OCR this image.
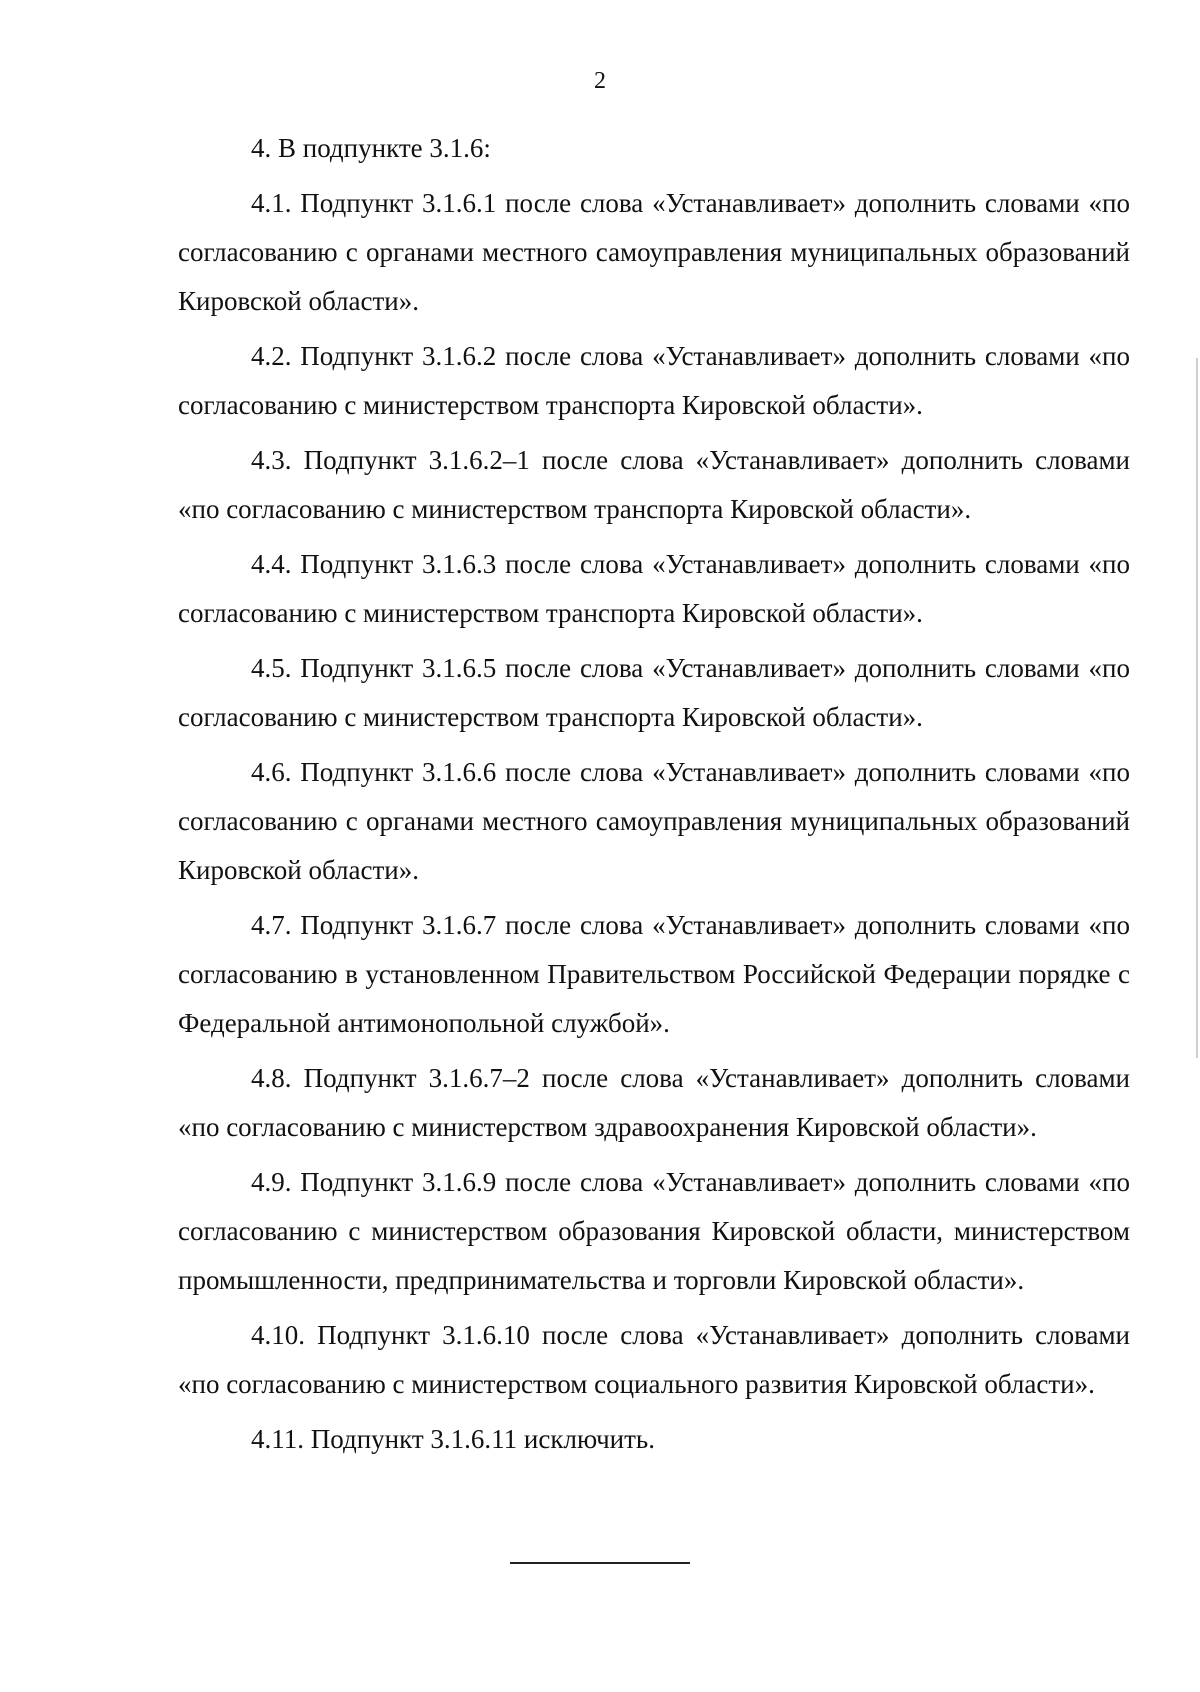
2

4. В подпункте 3.1.6:

4.1. Подпункт 3.1.6.1 после слова «Устанавливает» дополнить словами «по согласованию с органами местного самоуправления муниципальных образований Кировской области».

4.2. Подпункт 3.1.6.2 после слова «Устанавливает» дополнить словами «по согласованию с министерством транспорта Кировской области».

4.3. Подпункт 3.1.6.2–1 после слова «Устанавливает» дополнить словами «по согласованию с министерством транспорта Кировской области».

4.4. Подпункт 3.1.6.3 после слова «Устанавливает» дополнить словами «по согласованию с министерством транспорта Кировской области».

4.5. Подпункт 3.1.6.5 после слова «Устанавливает» дополнить словами «по согласованию с министерством транспорта Кировской области».

4.6. Подпункт 3.1.6.6 после слова «Устанавливает» дополнить словами «по согласованию с органами местного самоуправления муниципальных образований Кировской области».

4.7. Подпункт 3.1.6.7 после слова «Устанавливает» дополнить словами «по согласованию в установленном Правительством Российской Федерации порядке с Федеральной антимонопольной службой».

4.8. Подпункт 3.1.6.7–2 после слова «Устанавливает» дополнить словами «по согласованию с министерством здравоохранения Кировской области».

4.9. Подпункт 3.1.6.9 после слова «Устанавливает» дополнить словами «по согласованию с министерством образования Кировской области, министерством промышленности, предпринимательства и торговли Кировской области».

4.10. Подпункт 3.1.6.10 после слова «Устанавливает» дополнить словами «по согласованию с министерством социального развития Кировской области».

4.11. Подпункт 3.1.6.11 исключить.
